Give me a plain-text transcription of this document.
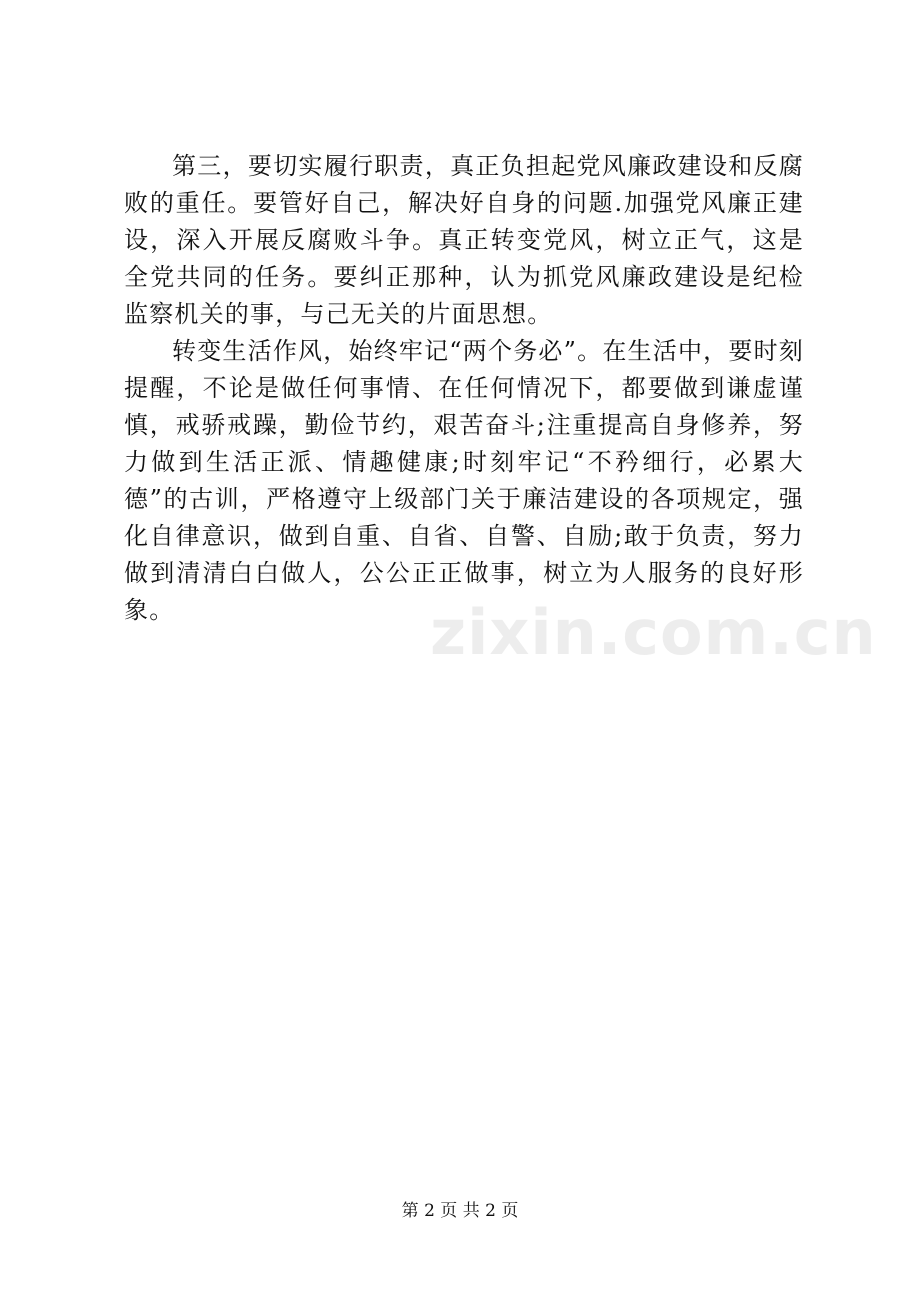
第三，要切实履行职责，真正负担起党风廉政建设和反腐败的重任。要管好自己，解决好自身的问题.加强党风廉正建设，深入开展反腐败斗争。真正转变党风，树立正气，这是全党共同的任务。要纠正那种，认为抓党风廉政建设是纪检监察机关的事，与己无关的片面思想。

转变生活作风，始终牢记“两个务必”。在生活中，要时刻提醒，不论是做任何事情、在任何情况下，都要做到谦虚谨慎，戒骄戒躁，勤俭节约，艰苦奋斗;注重提高自身修养，努力做到生活正派、情趣健康;时刻牢记“不矜细行，必累大德”的古训，严格遵守上级部门关于廉洁建设的各项规定，强化自律意识，做到自重、自省、自警、自励;敢于负责，努力做到清清白白做人，公公正正做事，树立为人服务的良好形象。	zixin.com.cn
第 2 页 共 2 页
